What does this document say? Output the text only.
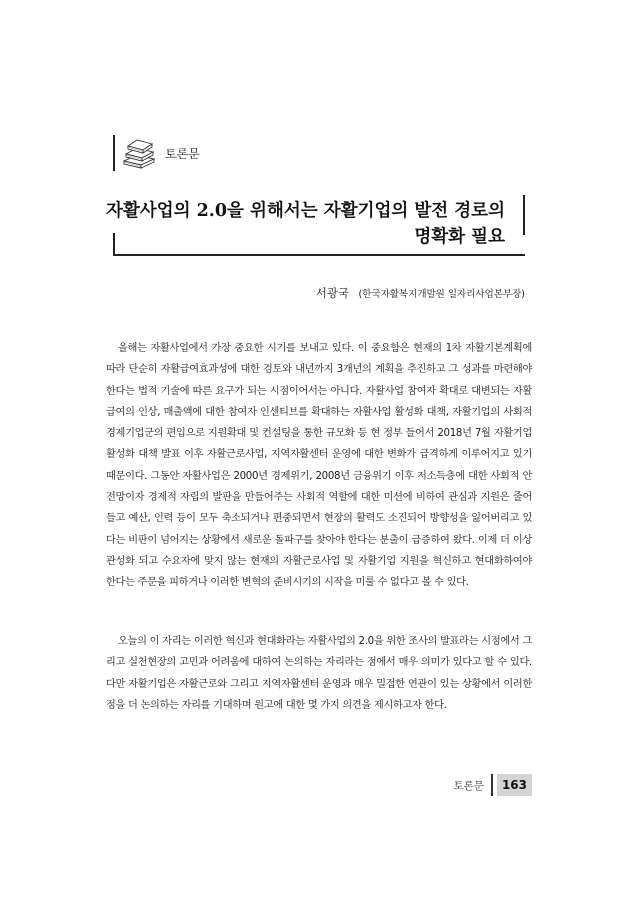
토론문
자활사업의 2.0을 위해서는 자활기업의 발전 경로의
명확화 필요
서광국 (한국자활복지개발원 일자리사업본부장)

올해는 자활사업에서 가장 중요한 시기를 보내고 있다. 이 중요함은 현재의 1차 자활기본계획에 따라 단순히 자활급여효과성에 대한 검토와 내년까지 3개년의 계획을 추진하고 그 성과를 마련해야 한다는 법적 기술에 따른 요구가 되는 시점이어서는 아니다. 자활사업 참여자 확대로 대변되는 자활급여의 인상, 매출액에 대한 참여자 인센티브를 확대하는 자활사업 활성화 대책, 자활기업의 사회적경제기업군의 편입으로 지원확대 및 컨설팅을 통한 규모화 등 현 정부 들어서 2018년 7월 자활기업 활성화 대책 발표 이후 자활근로사업, 지역자활센터 운영에 대한 변화가 급격하게 이루어지고 있기 때문이다. 그동안 자활사업은 2000년 경제위기, 2008년 금융위기 이후 저소득층에 대한 사회적 안전망이자 경제적 자립의 발판을 만들어주는 사회적 역할에 대한 미션에 비하여 관심과 지원은 줄어들고 예산, 인력 등이 모두 축소되거나 편중되면서 현장의 활력도 소진되어 방향성을 잃어버리고 있다는 비판이 넘어지는 상황에서 새로운 돌파구를 찾아야 한다는 분출이 급증하여 왔다. 이제 더 이상 관성화 되고 수요자에 맞지 않는 현재의 자활근로사업 및 자활기업 지원을 혁신하고 현대화하여야 한다는 주문을 피하거나 이러한 변혁의 준비시기의 시작을 미룰 수 없다고 볼 수 있다.

오늘의 이 자리는 이러한 혁신과 현대화라는 자활사업의 2.0을 위한 조사의 발표라는 시점에서 그리고 실천현장의 고민과 어려움에 대하여 논의하는 자리라는 점에서 매우 의미가 있다고 할 수 있다. 다만 자활기업은 자활근로와 그리고 지역자활센터 운영과 매우 밀접한 연관이 있는 상황에서 이러한 점을 더 논의하는 자리를 기대하며 원고에 대한 몇 가지 의견을 제시하고자 한다.

토론문	163
